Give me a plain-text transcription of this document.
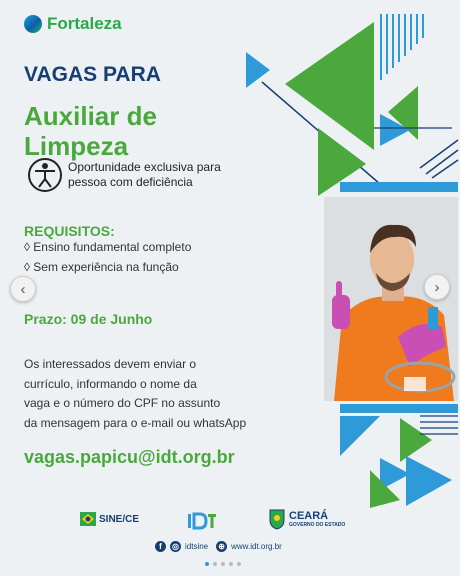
Fortaleza
VAGAS PARA
Auxiliar de
Limpeza
Oportunidade exclusiva para
pessoa com deficiência
REQUISITOS:
◊ Ensino fundamental completo
◊ Sem experiência na função
Prazo: 09 de Junho
Os interessados devem enviar o
currículo, informando o nome da
vaga e o número do CPF no assunto
da mensagem para o e-mail ou whatsApp
vagas.papicu@idt.org.br
‹	›
SINE/CE	CEARÁ
GOVERNO DO ESTADO
f	◎ idtsine ⊕ www.idt.org.br
